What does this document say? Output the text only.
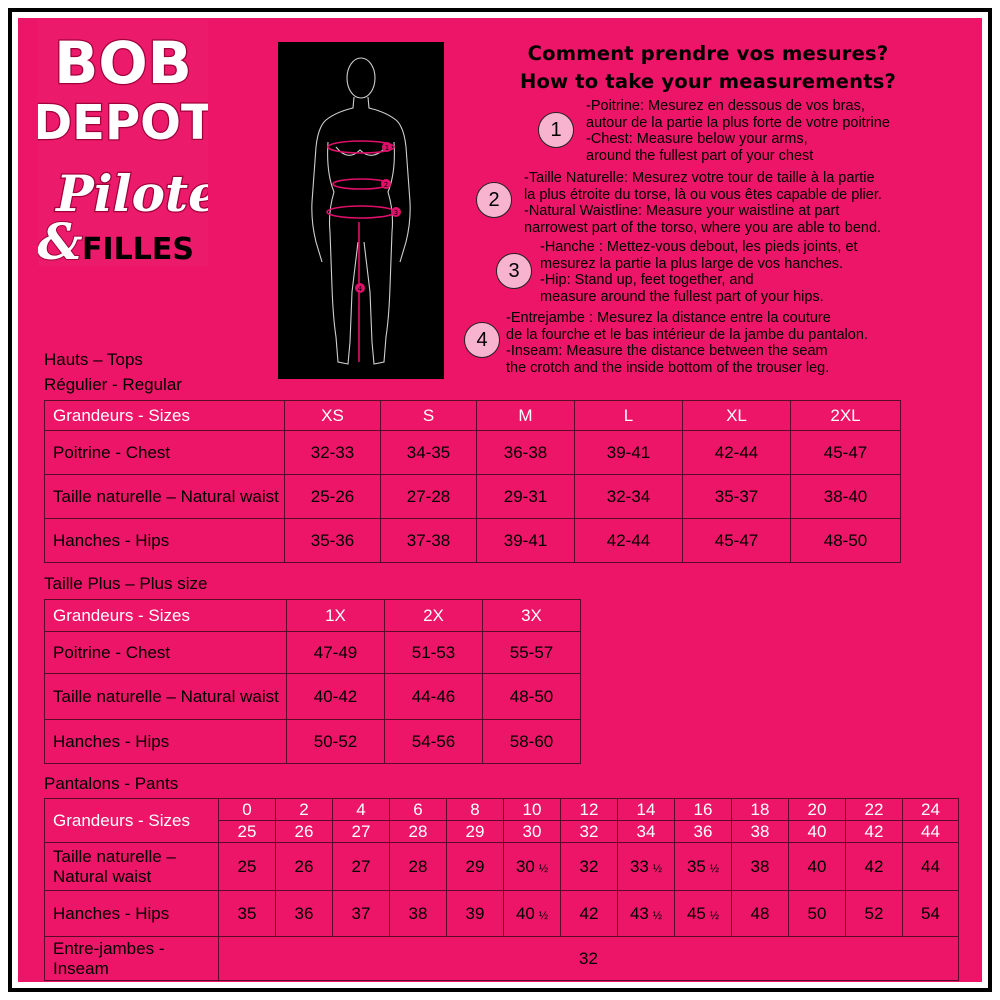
BOB
DEPOT
Pilote
& FILLES
1
2
3
4
Comment prendre vos mesures?
How to take your measurements?
1
-Poitrine: Mesurez en dessous de vos bras,
autour de la partie la plus forte de votre poitrine
-Chest: Measure below your arms,
around the fullest part of your chest
2
-Taille Naturelle: Mesurez votre tour de taille à la partie
la plus étroite du torse, là ou vous êtes capable de plier.
-Natural Waistline: Measure your waistline at part
narrowest part of the torso, where you are able to bend.
3
-Hanche : Mettez-vous debout, les pieds joints, et
mesurez la partie la plus large de vos hanches.
-Hip: Stand up, feet together, and
measure around the fullest part of your hips.
4
-Entrejambe : Mesurez la distance entre la couture
de la fourche et le bas intérieur de la jambe du pantalon.
-Inseam: Measure the distance between the seam
the crotch and the inside bottom of the trouser leg.
Hauts – Tops
Régulier - Regular
Grandeurs - Sizes	XS	S	M	L	XL	2XL
Poitrine - Chest	32-33	34-35	36-38	39-41	42-44	45-47
Taille naturelle – Natural waist	25-26	27-28	29-31	32-34	35-37	38-40
Hanches - Hips	35-36	37-38	39-41	42-44	45-47	48-50
Taille Plus – Plus size
Grandeurs - Sizes	1X	2X	3X
Poitrine - Chest	47-49	51-53	55-57
Taille naturelle – Natural waist	40-42	44-46	48-50
Hanches - Hips	50-52	54-56	58-60
Pantalons - Pants
Grandeurs - Sizes	0	2	4	6	8	10	12	14	16	18	20	22	24
	25	26	27	28	29	30	32	34	36	38	40	42	44
Taille naturelle – Natural waist	25	26	27	28	29	30 ½	32	33 ½	35 ½	38	40	42	44
Hanches - Hips	35	36	37	38	39	40 ½	42	43 ½	45 ½	48	50	52	54
Entre-jambes - Inseam	32												
